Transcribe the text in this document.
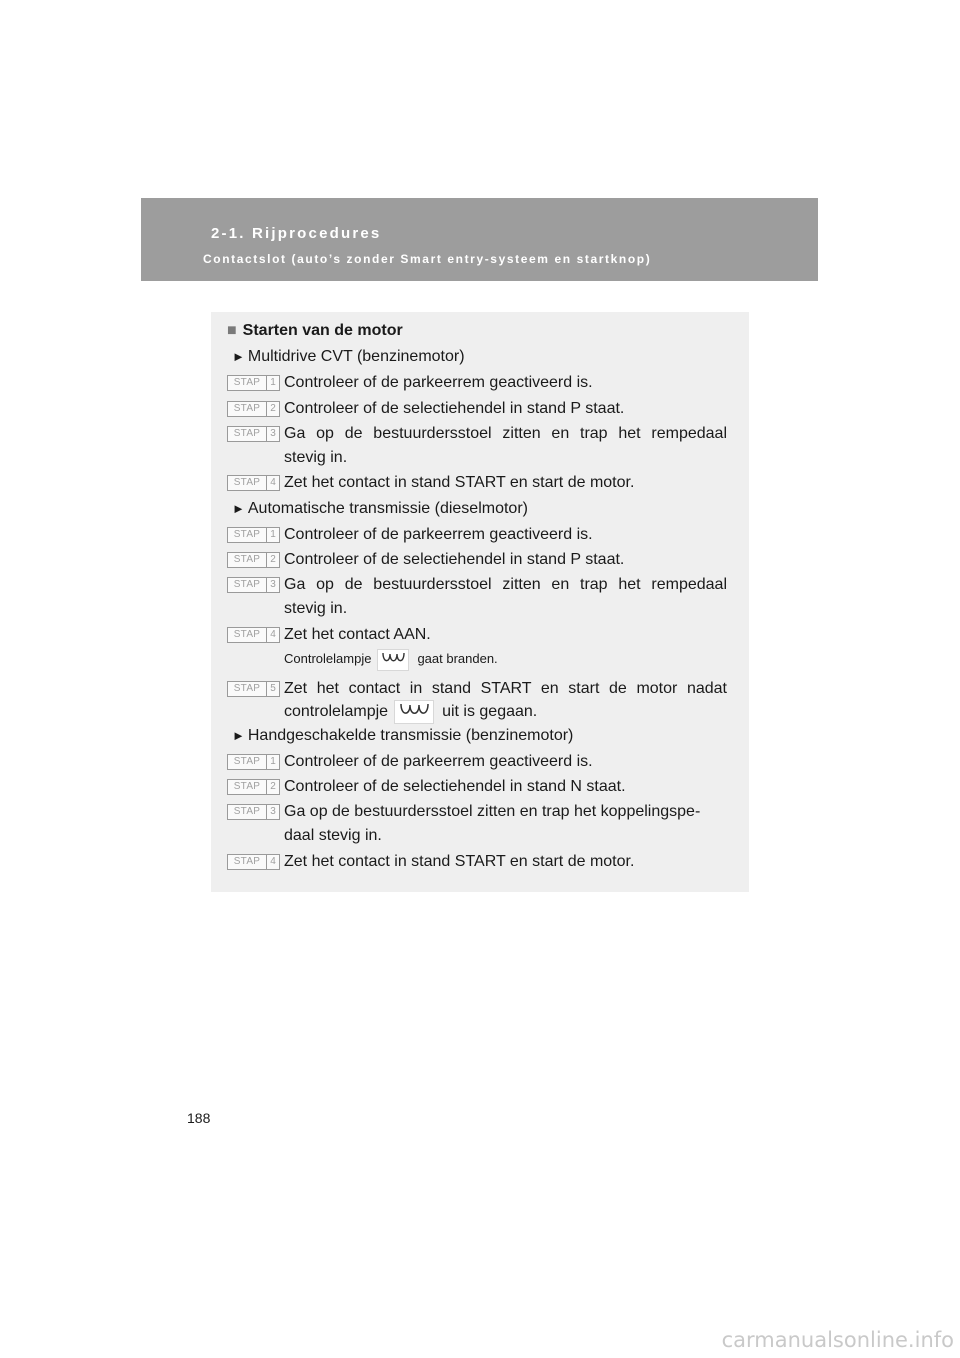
2-1. Rijprocedures
Contactslot (auto’s zonder Smart entry-systeem en startknop)
■ Starten van de motor
► Multidrive CVT (benzinemotor)
STAP 1 Controleer of de parkeerrem geactiveerd is.
STAP 2 Controleer of de selectiehendel in stand P staat.
STAP 3 Ga op de bestuurdersstoel zitten en trap het rempedaal
stevig in.
STAP 4 Zet het contact in stand START en start de motor.
► Automatische transmissie (dieselmotor)
STAP 1 Controleer of de parkeerrem geactiveerd is.
STAP 2 Controleer of de selectiehendel in stand P staat.
STAP 3 Ga op de bestuurdersstoel zitten en trap het rempedaal
stevig in.
STAP 4 Zet het contact AAN.
Controlelampje	gaat branden.
STAP 5 Zet het contact in stand START en start de motor nadat
controlelampje	uit is gegaan.
► Handgeschakelde transmissie (benzinemotor)
STAP 1 Controleer of de parkeerrem geactiveerd is.
STAP 2 Controleer of de selectiehendel in stand N staat.
STAP 3 Ga op de bestuurdersstoel zitten en trap het koppelingspe-
daal stevig in.
STAP 4 Zet het contact in stand START en start de motor.
188
carmanualsonline.info
